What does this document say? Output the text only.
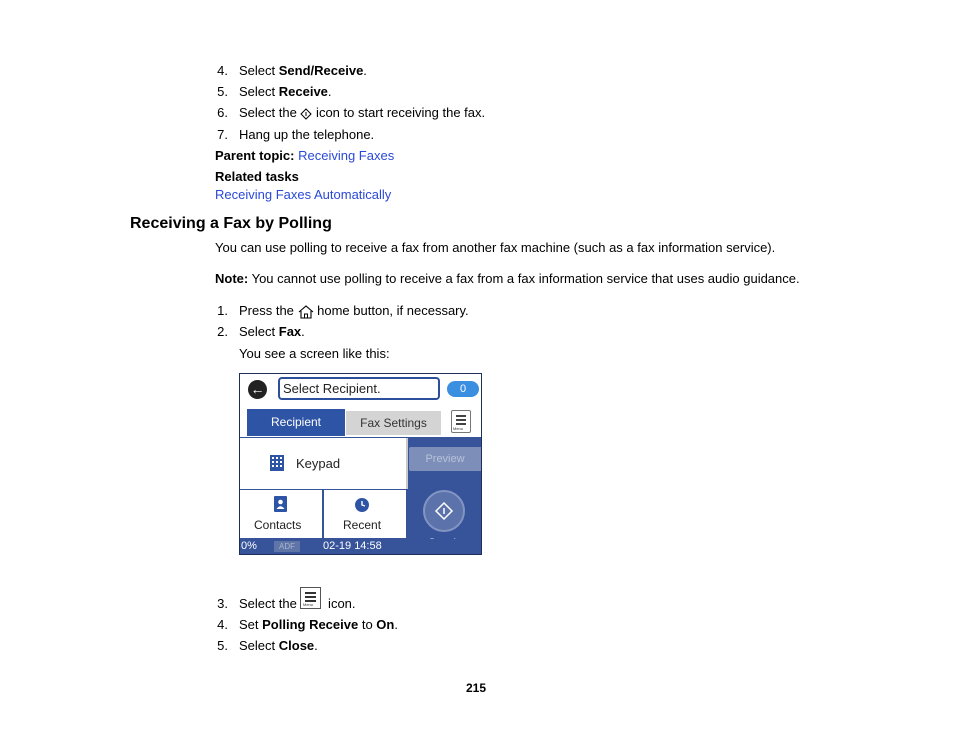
4. Select Send/Receive.
5. Select Receive.
6. Select the  icon to start receiving the fax.
7. Hang up the telephone.
Parent topic: Receiving Faxes
Related tasks
Receiving Faxes Automatically
Receiving a Fax by Polling
You can use polling to receive a fax from another fax machine (such as a fax information service).
Note: You cannot use polling to receive a fax from a fax information service that uses audio guidance.
1. Press the  home button, if necessary.
2. Select Fax.
You see a screen like this:
←	Select Recipient.	0
Recipient	Fax Settings	Menu
Keypad
Contacts	Recent
Preview
0%	ADF	02-19 14:58
3. Select the  icon.
Menu
4. Set Polling Receive to On.
5. Select Close.
215
